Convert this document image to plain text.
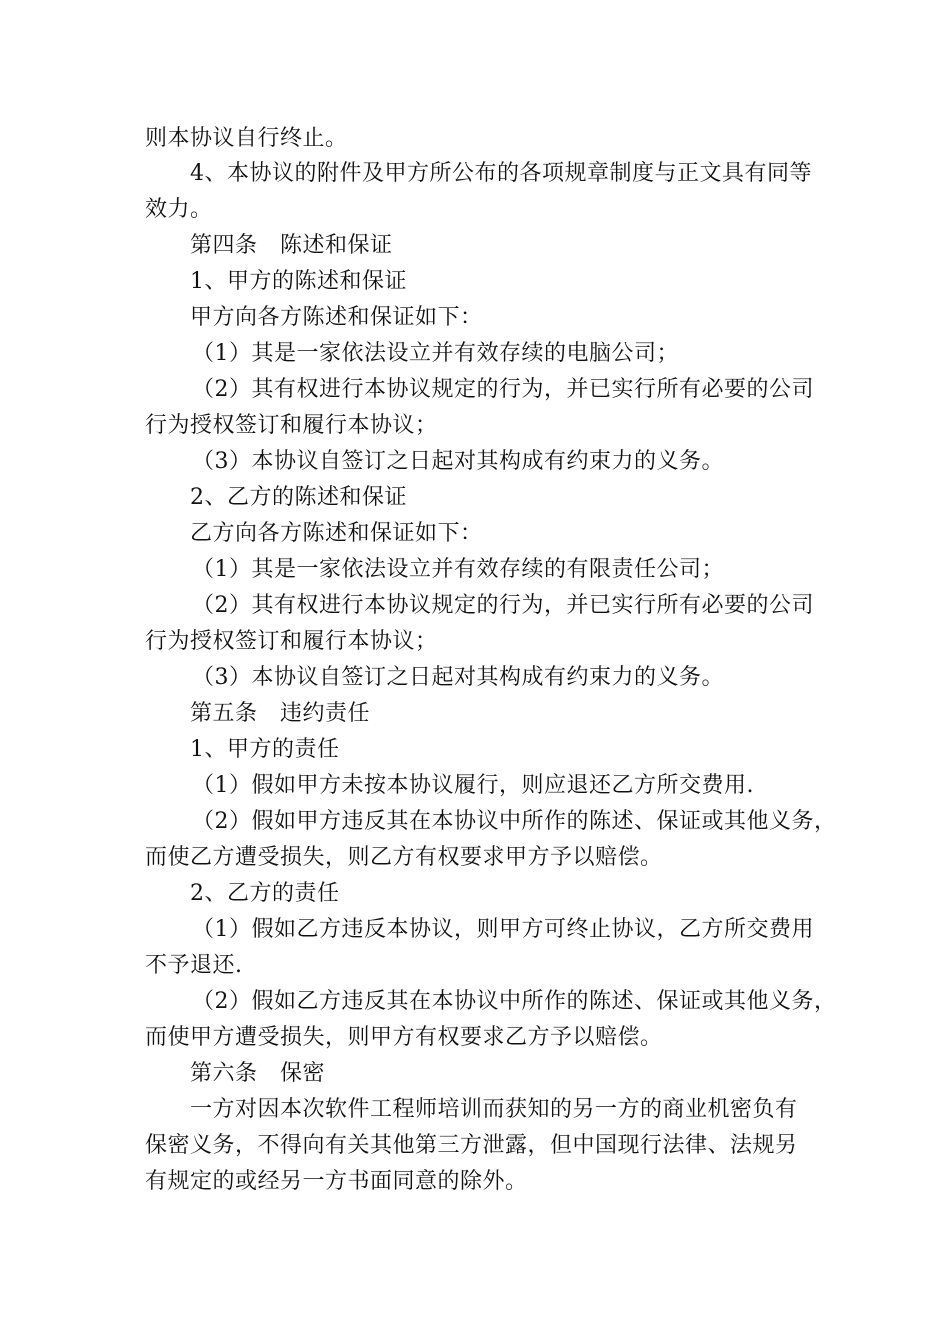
则本协议自行终止。
4、本协议的附件及甲方所公布的各项规章制度与正文具有同等
效力。
第四条　陈述和保证
1、甲方的陈述和保证
甲方向各方陈述和保证如下：
（1）其是一家依法设立并有效存续的电脑公司；
（2）其有权进行本协议规定的行为，并已实行所有必要的公司
行为授权签订和履行本协议；
（3）本协议自签订之日起对其构成有约束力的义务。
2、乙方的陈述和保证
乙方向各方陈述和保证如下：
（1）其是一家依法设立并有效存续的有限责任公司；
（2）其有权进行本协议规定的行为，并已实行所有必要的公司
行为授权签订和履行本协议；
（3）本协议自签订之日起对其构成有约束力的义务。
第五条　违约责任
1、甲方的责任
（1）假如甲方未按本协议履行，则应退还乙方所交费用.
（2）假如甲方违反其在本协议中所作的陈述、保证或其他义务，
而使乙方遭受损失，则乙方有权要求甲方予以赔偿。
2、乙方的责任
（1）假如乙方违反本协议，则甲方可终止协议，乙方所交费用
不予退还.
（2）假如乙方违反其在本协议中所作的陈述、保证或其他义务，
而使甲方遭受损失，则甲方有权要求乙方予以赔偿。
第六条　保密
一方对因本次软件工程师培训而获知的另一方的商业机密负有
保密义务，不得向有关其他第三方泄露，但中国现行法律、法规另
有规定的或经另一方书面同意的除外。
